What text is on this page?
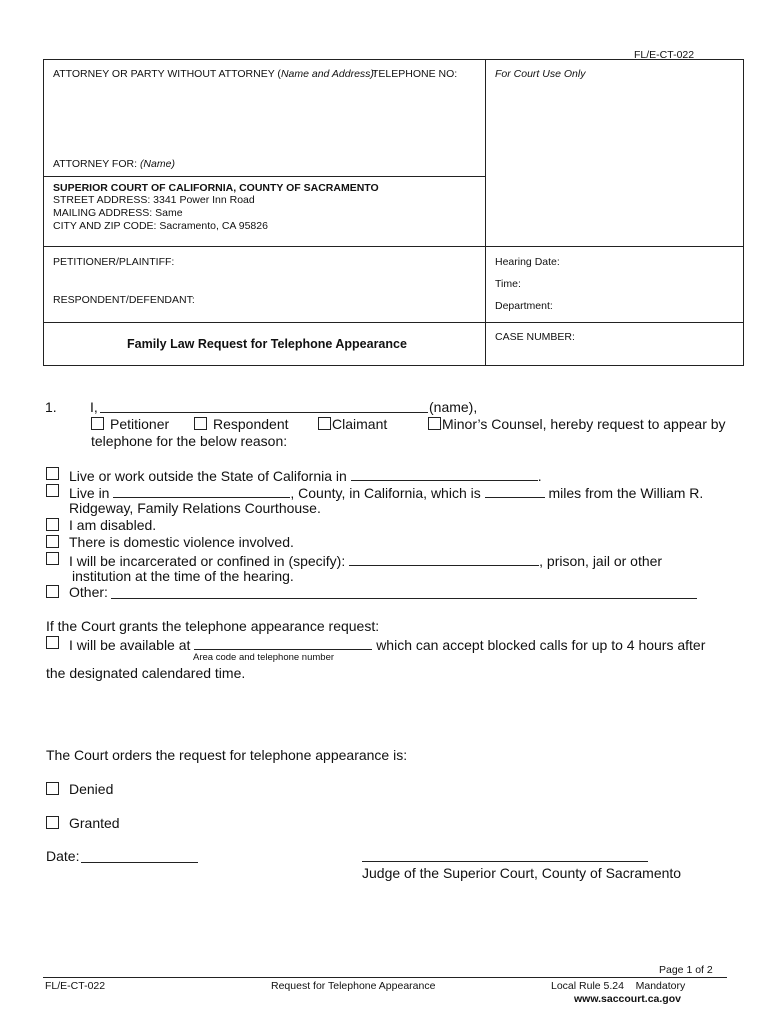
FL/E-CT-022
ATTORNEY OR PARTY WITHOUT ATTORNEY (Name and Address):
TELEPHONE NO:	For Court Use Only
ATTORNEY FOR: (Name)
SUPERIOR COURT OF CALIFORNIA, COUNTY OF SACRAMENTO
STREET ADDRESS: 3341 Power Inn Road
MAILING ADDRESS: Same
CITY AND ZIP CODE: Sacramento, CA 95826
PETITIONER/PLAINTIFF:
RESPONDENT/DEFENDANT:
Hearing Date:
Time:
Department:
CASE NUMBER:
Family Law Request for Telephone Appearance
1. I,	(name),
Petitioner	Respondent	Claimant	Minor’s Counsel, hereby request to appear by
telephone for the below reason:
Live or work outside the State of California in	.
Live in	, County, in California, which is	miles from the William R.
Ridgeway, Family Relations Courthouse.
I am disabled.
There is domestic violence involved.
I will be incarcerated or confined in (specify):	, prison, jail or other
institution at the time of the hearing.
Other:
If the Court grants the telephone appearance request:
I will be available at	which can accept blocked calls for up to 4 hours after
Area code and telephone number
the designated calendared time.
The Court orders the request for telephone appearance is:
Denied
Granted
Date:
Judge of the Superior Court, County of Sacramento
Page 1 of 2
FL/E-CT-022	Request for Telephone Appearance	Local Rule 5.24    Mandatory
www.saccourt.ca.gov
